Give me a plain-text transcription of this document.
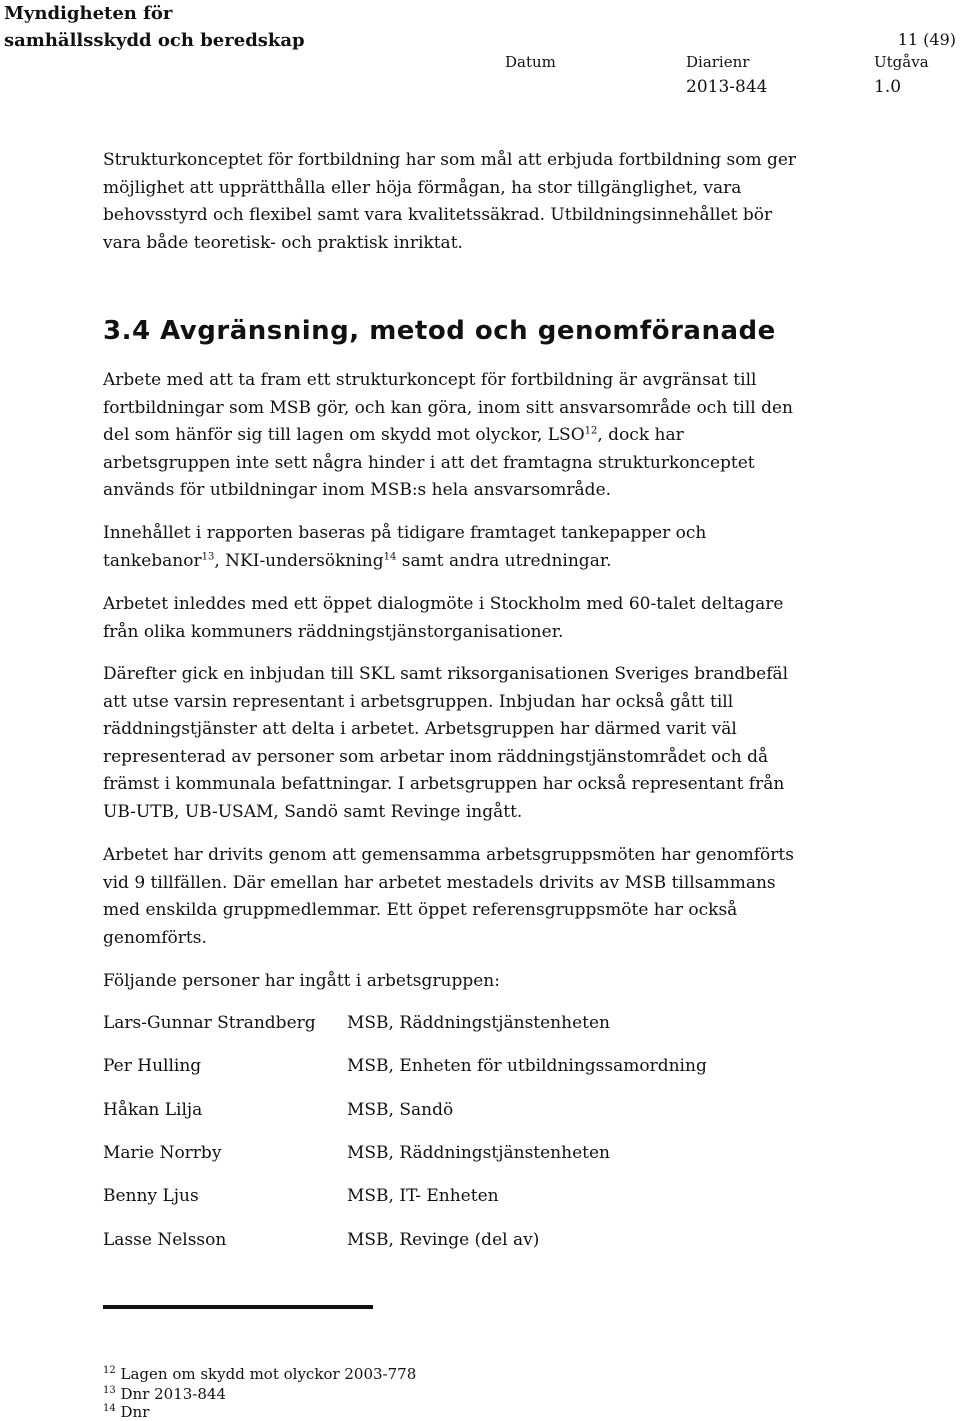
Myndigheten för
samhällsskydd och beredskap	11 (49)
Datum	Diarienr	Utgåva
2013-844	1.0
Strukturkonceptet för fortbildning har som mål att erbjuda fortbildning som ger möjlighet att upprätthålla eller höja förmågan, ha stor tillgänglighet, vara behovsstyrd och flexibel samt vara kvalitetssäkrad. Utbildningsinnehållet bör vara både teoretisk- och praktisk inriktat.
3.4 Avgränsning, metod och genomföranade
Arbete med att ta fram ett strukturkoncept för fortbildning är avgränsat till fortbildningar som MSB gör, och kan göra, inom sitt ansvarsområde och till den del som hänför sig till lagen om skydd mot olyckor, LSO$^{12}$, dock har arbetsgruppen inte sett några hinder i att det framtagna strukturkonceptet används för utbildningar inom MSB:s hela ansvarsområde.
Innehållet i rapporten baseras på tidigare framtaget tankepapper och tankebanor$^{13}$, NKI-undersökning$^{14}$ samt andra utredningar.
Arbetet inleddes med ett öppet dialogmöte i Stockholm med 60-talet deltagare från olika kommuners räddningstjänstorganisationer.
Därefter gick en inbjudan till SKL samt riksorganisationen Sveriges brandbefäl att utse varsin representant i arbetsgruppen. Inbjudan har också gått till räddningstjänster att delta i arbetet. Arbetsgruppen har därmed varit väl representerad av personer som arbetar inom räddningstjänstområdet och då främst i kommunala befattningar. I arbetsgruppen har också representant från UB-UTB, UB-USAM, Sandö samt Revinge ingått.
Arbetet har drivits genom att gemensamma arbetsgruppsmöten har genomförts vid 9 tillfällen. Där emellan har arbetet mestadels drivits av MSB tillsammans med enskilda gruppmedlemmar. Ett öppet referensgruppsmöte har också genomförts.
Följande personer har ingått i arbetsgruppen:
Lars-Gunnar Strandberg MSB, Räddningstjänstenheten
Per Hulling	MSB, Enheten för utbildningssamordning
Håkan Lilja	MSB, Sandö
Marie Norrby	MSB, Räddningstjänstenheten
Benny Ljus	MSB, IT- Enheten
Lasse Nelsson	MSB, Revinge (del av)
$^{12}$ Lagen om skydd mot olyckor 2003-778
$^{13}$ Dnr 2013-844
$^{14}$ Dnr
